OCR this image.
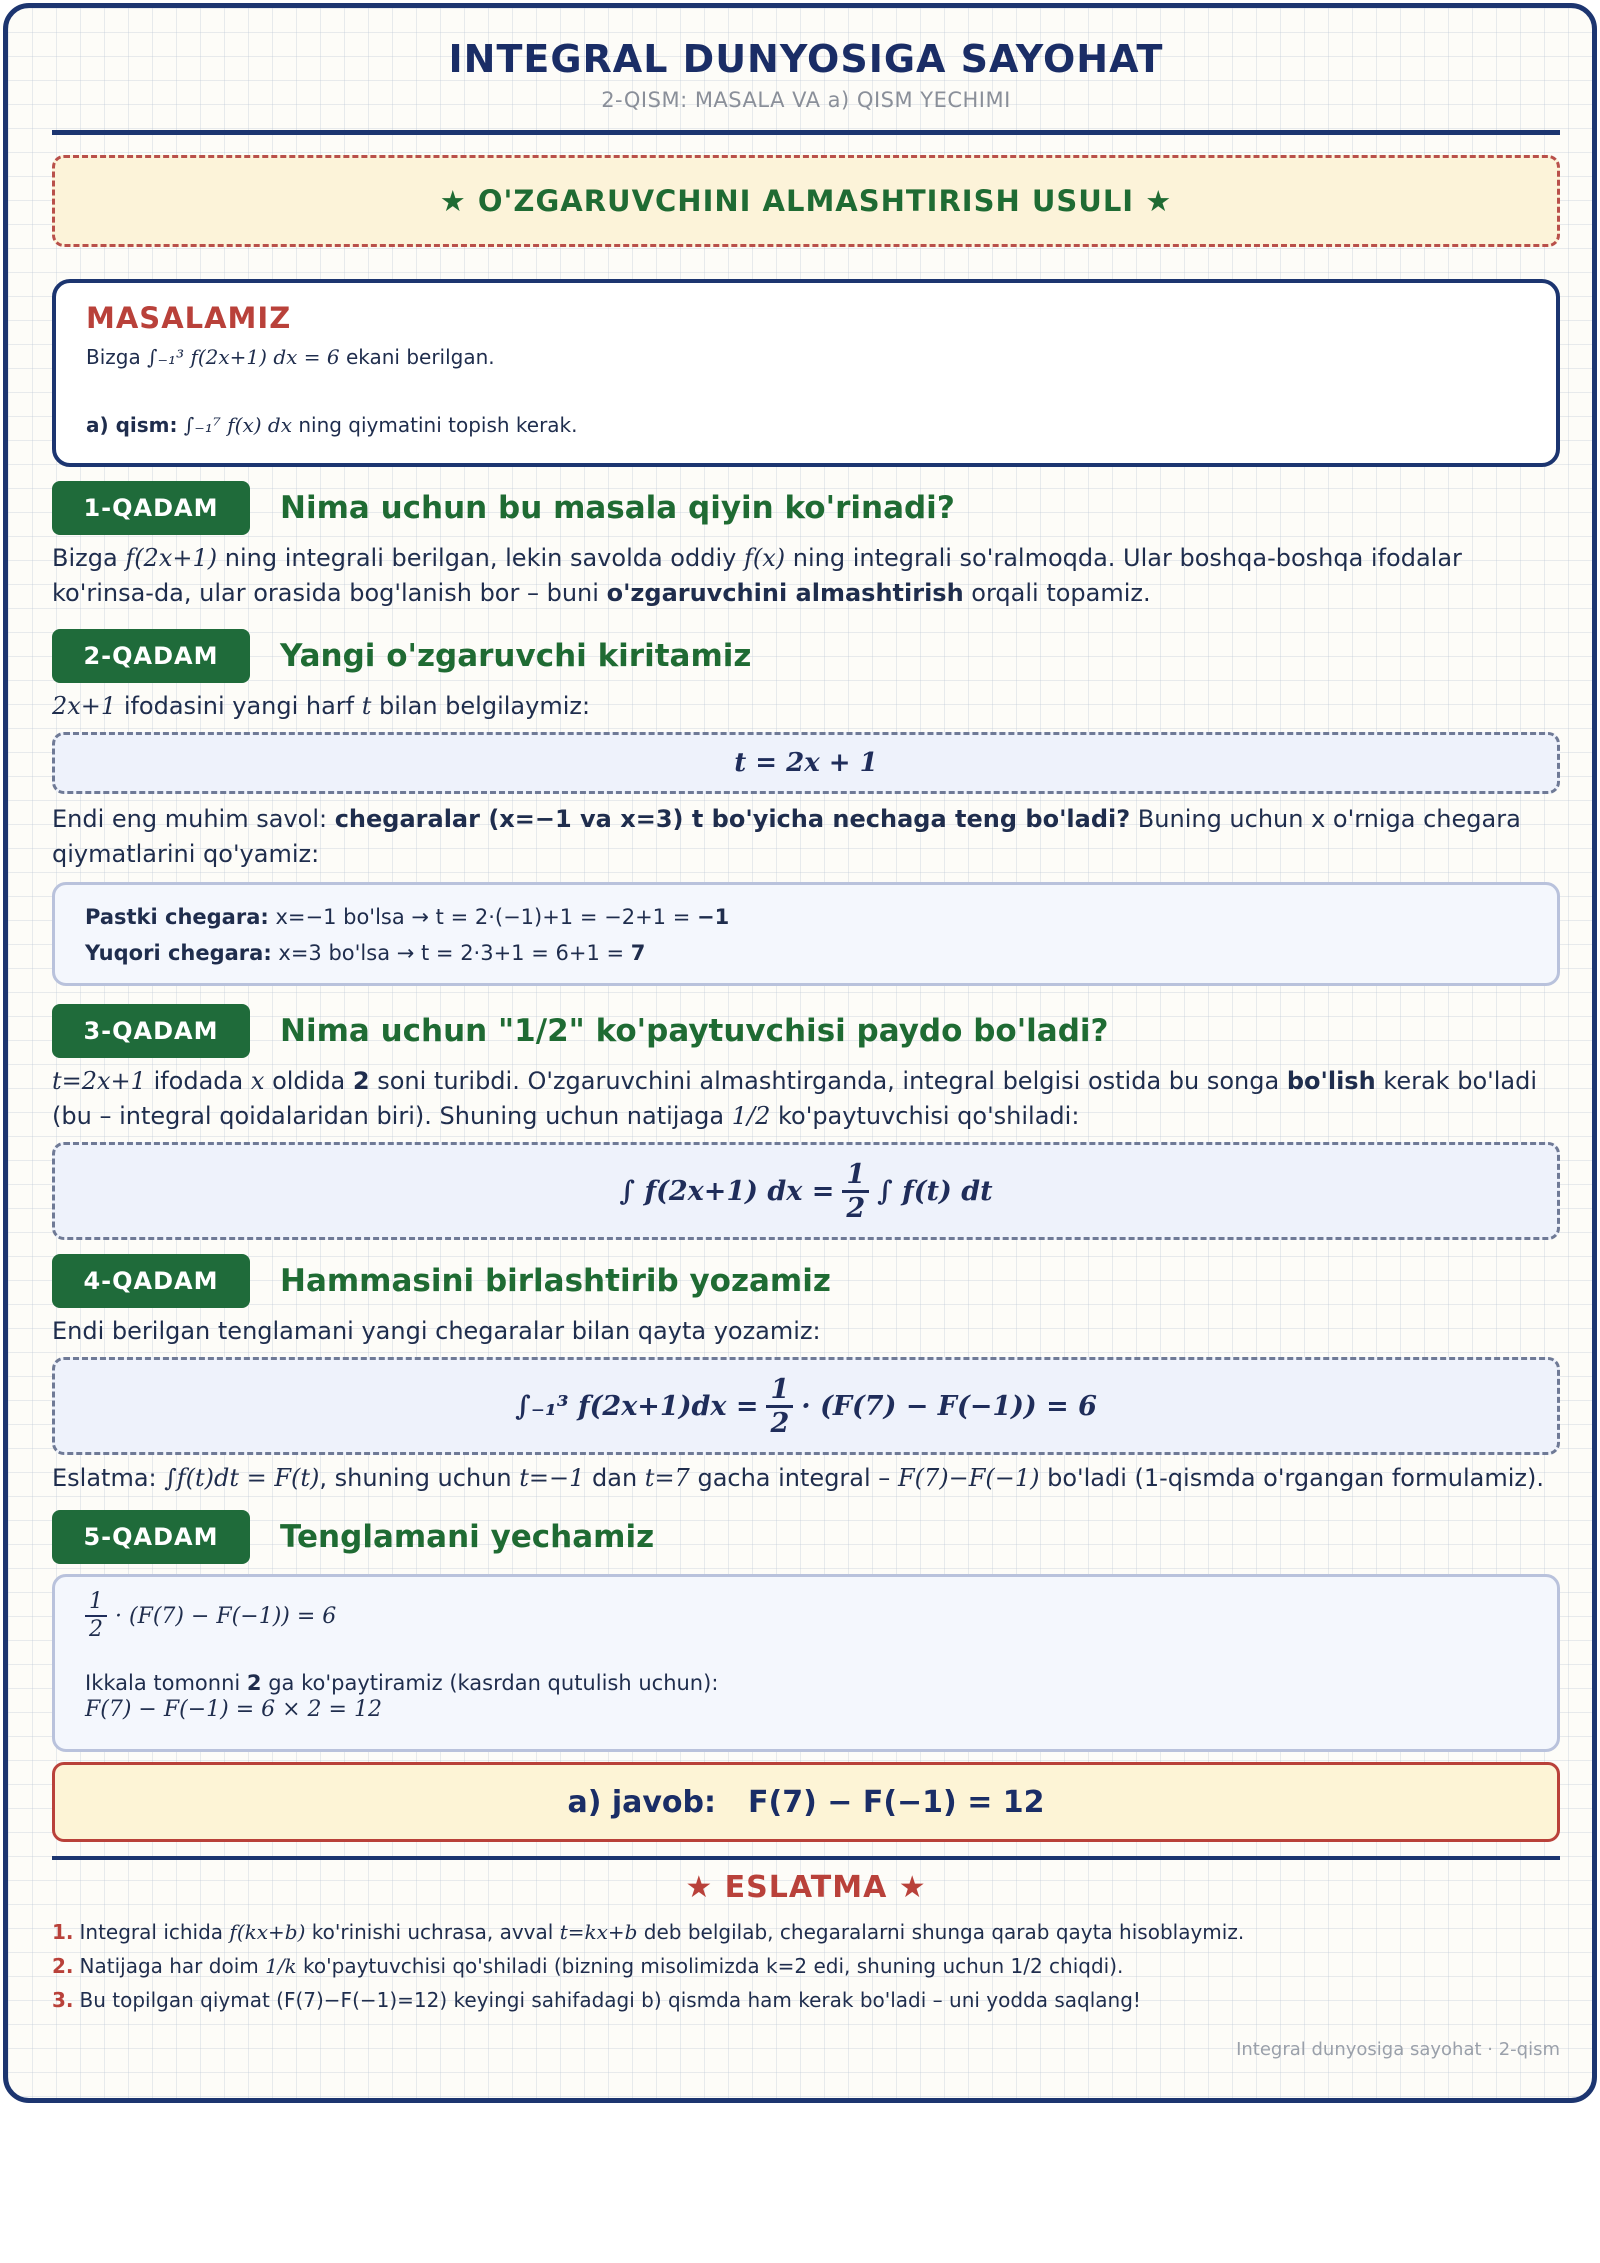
INTEGRAL DUNYOSIGA SAYOHAT
2-QISM: MASALA VA a) QISM YECHIMI
★ O'ZGARUVCHINI ALMASHTIRISH USULI ★
MASALAMIZ
Bizga ∫₋₁³ f(2x+1) dx = 6 ekani berilgan.
a) qism: ∫₋₁⁷ f(x) dx ning qiymatini topish kerak.
1-QADAM	Nima uchun bu masala qiyin ko'rinadi?
Bizga f(2x+1) ning integrali berilgan, lekin savolda oddiy f(x) ning integrali so'ralmoqda. Ular boshqa-boshqa ifodalar ko'rinsa-da, ular orasida bog'lanish bor – buni o'zgaruvchini almashtirish orqali topamiz.
2-QADAM	Yangi o'zgaruvchi kiritamiz
2x+1 ifodasini yangi harf t bilan belgilaymiz:
t = 2x + 1
Endi eng muhim savol: chegaralar (x=−1 va x=3) t bo'yicha nechaga teng bo'ladi? Buning uchun x o'rniga chegara qiymatlarini qo'yamiz:
Pastki chegara: x=−1 bo'lsa → t = 2·(−1)+1 = −2+1 = −1
Yuqori chegara: x=3 bo'lsa → t = 2·3+1 = 6+1 = 7
3-QADAM	Nima uchun "1/2" ko'paytuvchisi paydo bo'ladi?
t=2x+1 ifodada x oldida 2 soni turibdi. O'zgaruvchini almashtirganda, integral belgisi ostida bu songa bo'lish kerak bo'ladi (bu – integral qoidalaridan biri). Shuning uchun natijaga 1/2 ko'paytuvchisi qo'shiladi:
∫ f(2x+1) dx = $\frac{1}{2}$ ∫ f(t) dt
4-QADAM	Hammasini birlashtirib yozamiz
Endi berilgan tenglamani yangi chegaralar bilan qayta yozamiz:
∫₋₁³ $f(2x+1)dx = \frac{1}{2} \cdot (F(7) - F(-1)) = 6$
Eslatma: ∫f(t)dt = F(t), shuning uchun t=−1 dan t=7 gacha integral – F(7)−F(−1) bo'ladi (1-qismda o'rgangan formulamiz).
5-QADAM	Tenglamani yechamiz
$\frac{1}{2} \cdot (F(7) - F(-1)) = 6$
Ikkala tomonni 2 ga ko'paytiramiz (kasrdan qutulish uchun):
F(7) − F(−1) = 6 × 2 = 12
a) javob: F(7) − F(−1) = 12
★ ESLATMA ★
1. Integral ichida f(kx+b) ko'rinishi uchrasa, avval t=kx+b deb belgilab, chegaralarni shunga qarab qayta hisoblaymiz.
2. Natijaga har doim 1/k ko'paytuvchisi qo'shiladi (bizning misolimizda k=2 edi, shuning uchun 1/2 chiqdi).
3. Bu topilgan qiymat (F(7)−F(−1)=12) keyingi sahifadagi b) qismda ham kerak bo'ladi – uni yodda saqlang!
Integral dunyosiga sayohat · 2-qism
